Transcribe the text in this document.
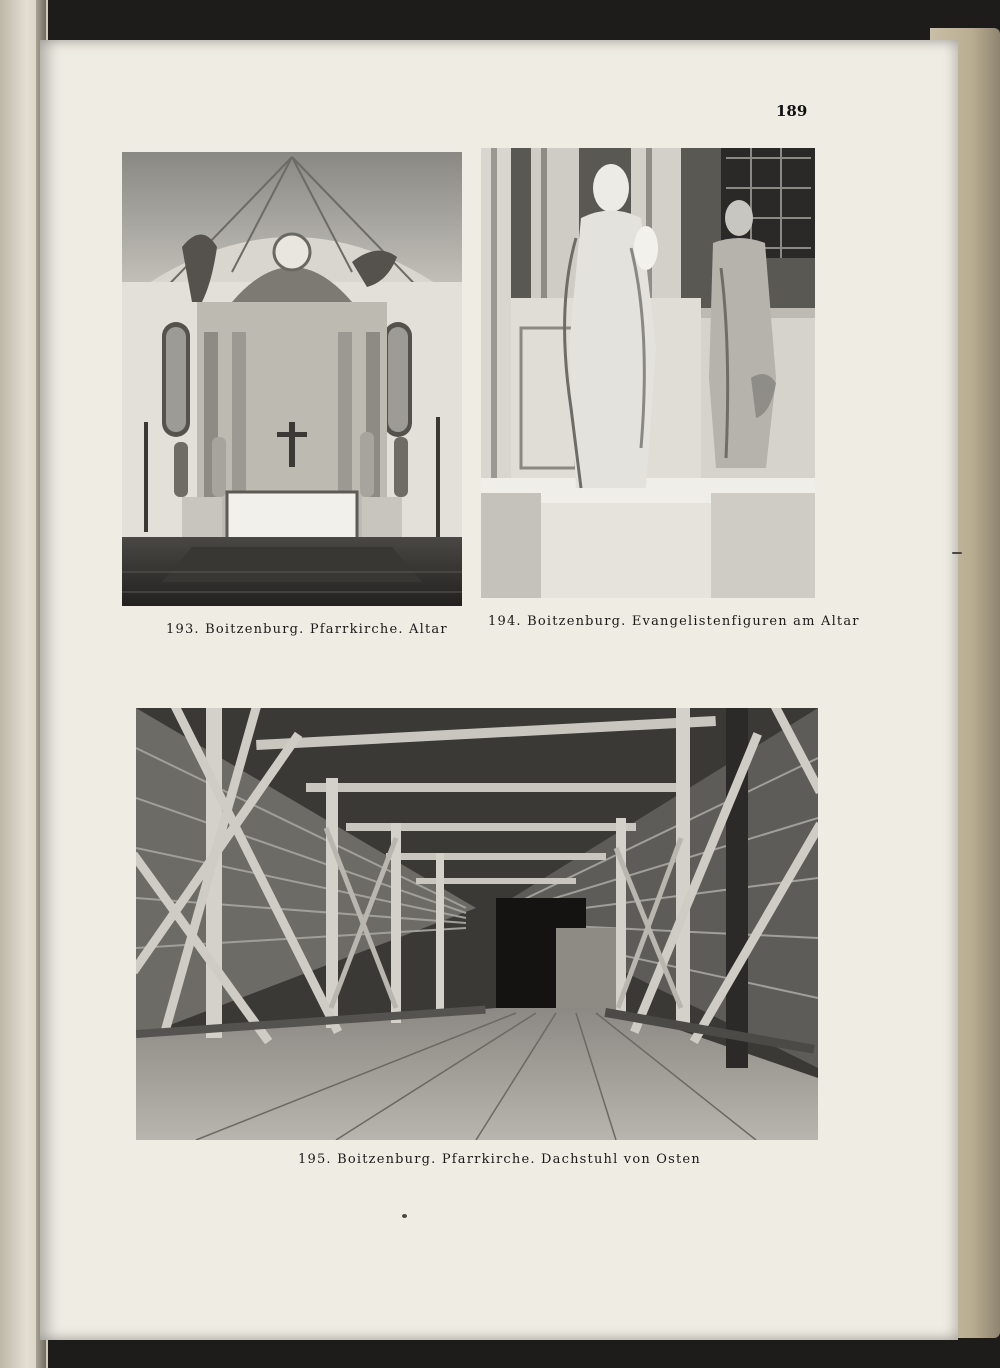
189
193. Boitzenburg. Pfarrkirche. Altar
194. Boitzenburg. Evangelistenfiguren am Altar
195. Boitzenburg. Pfarrkirche. Dachstuhl von Osten
